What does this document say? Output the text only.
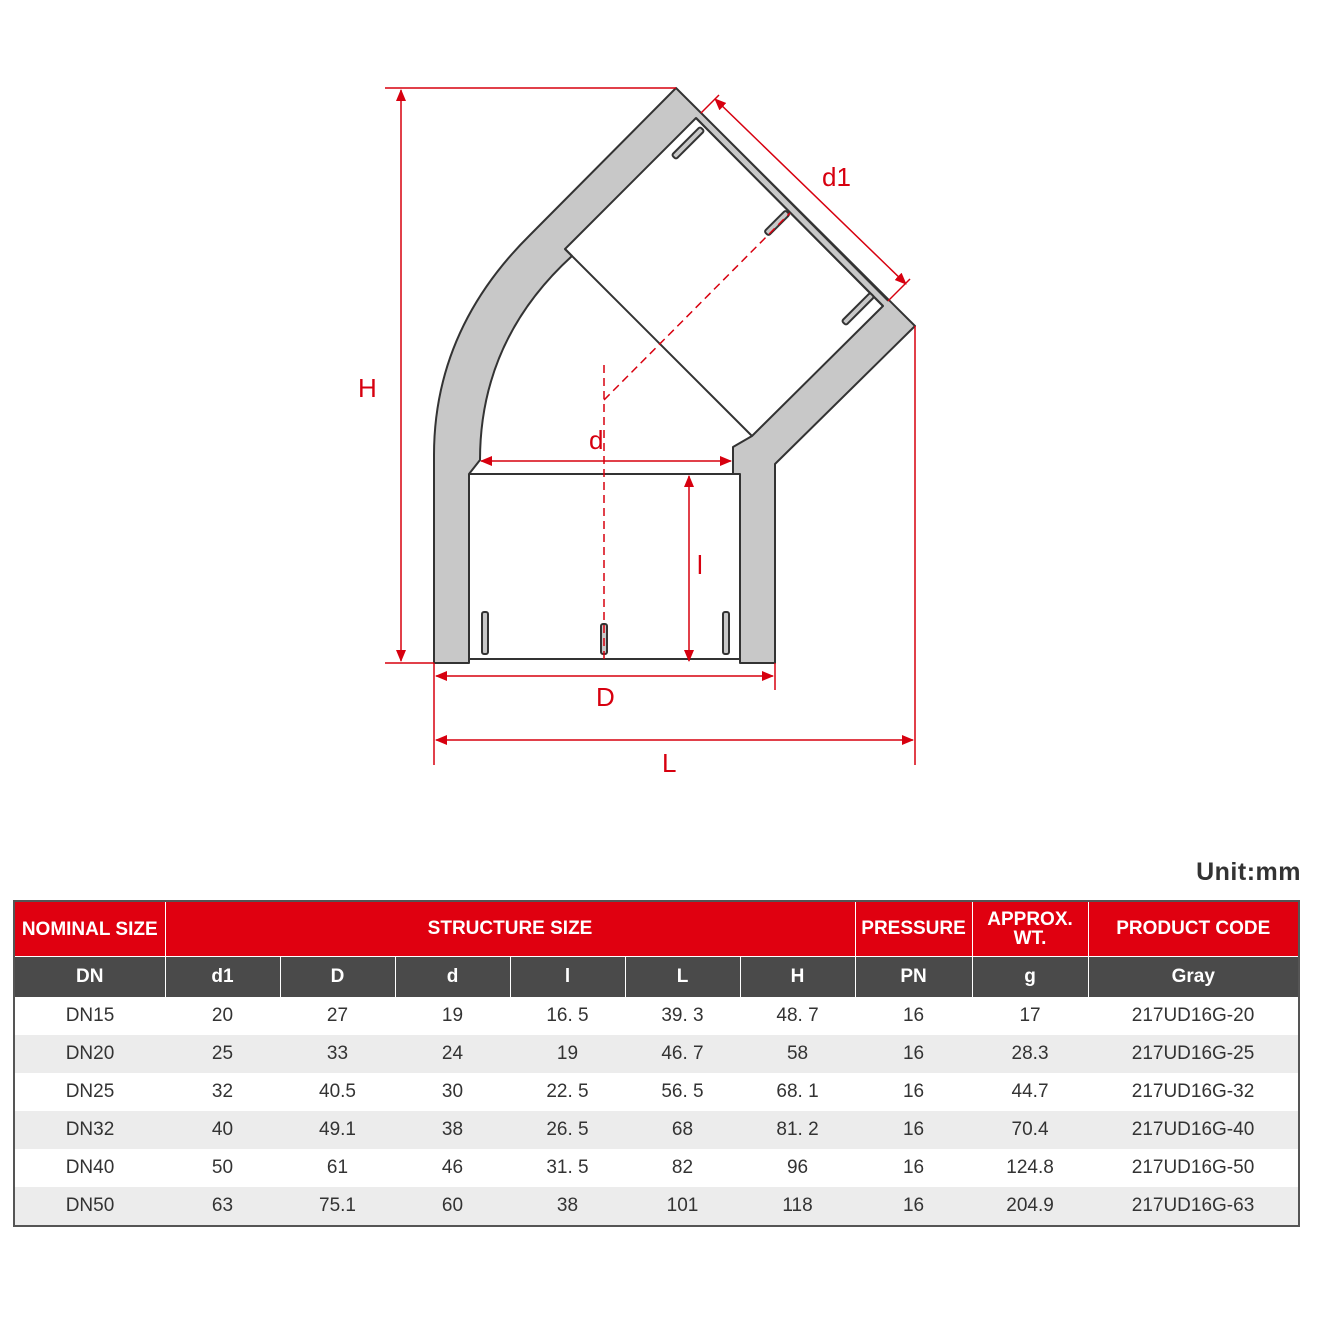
d1
H
d
l
D
L
Unit:mm
NOMINAL SIZE	STRUCTURE SIZE						PRESSURE	APPROX. WT.	PRODUCT CODE
DN	d1	D	d	l	L	H	PN	g	Gray
DN15	20	27	19	16. 5	39. 3	48. 7	16	17	217UD16G-20
DN20	25	33	24	19	46. 7	58	16	28.3	217UD16G-25
DN25	32	40.5	30	22. 5	56. 5	68. 1	16	44.7	217UD16G-32
DN32	40	49.1	38	26. 5	68	81. 2	16	70.4	217UD16G-40
DN40	50	61	46	31. 5	82	96	16	124.8	217UD16G-50
DN50	63	75.1	60	38	101	118	16	204.9	217UD16G-63
